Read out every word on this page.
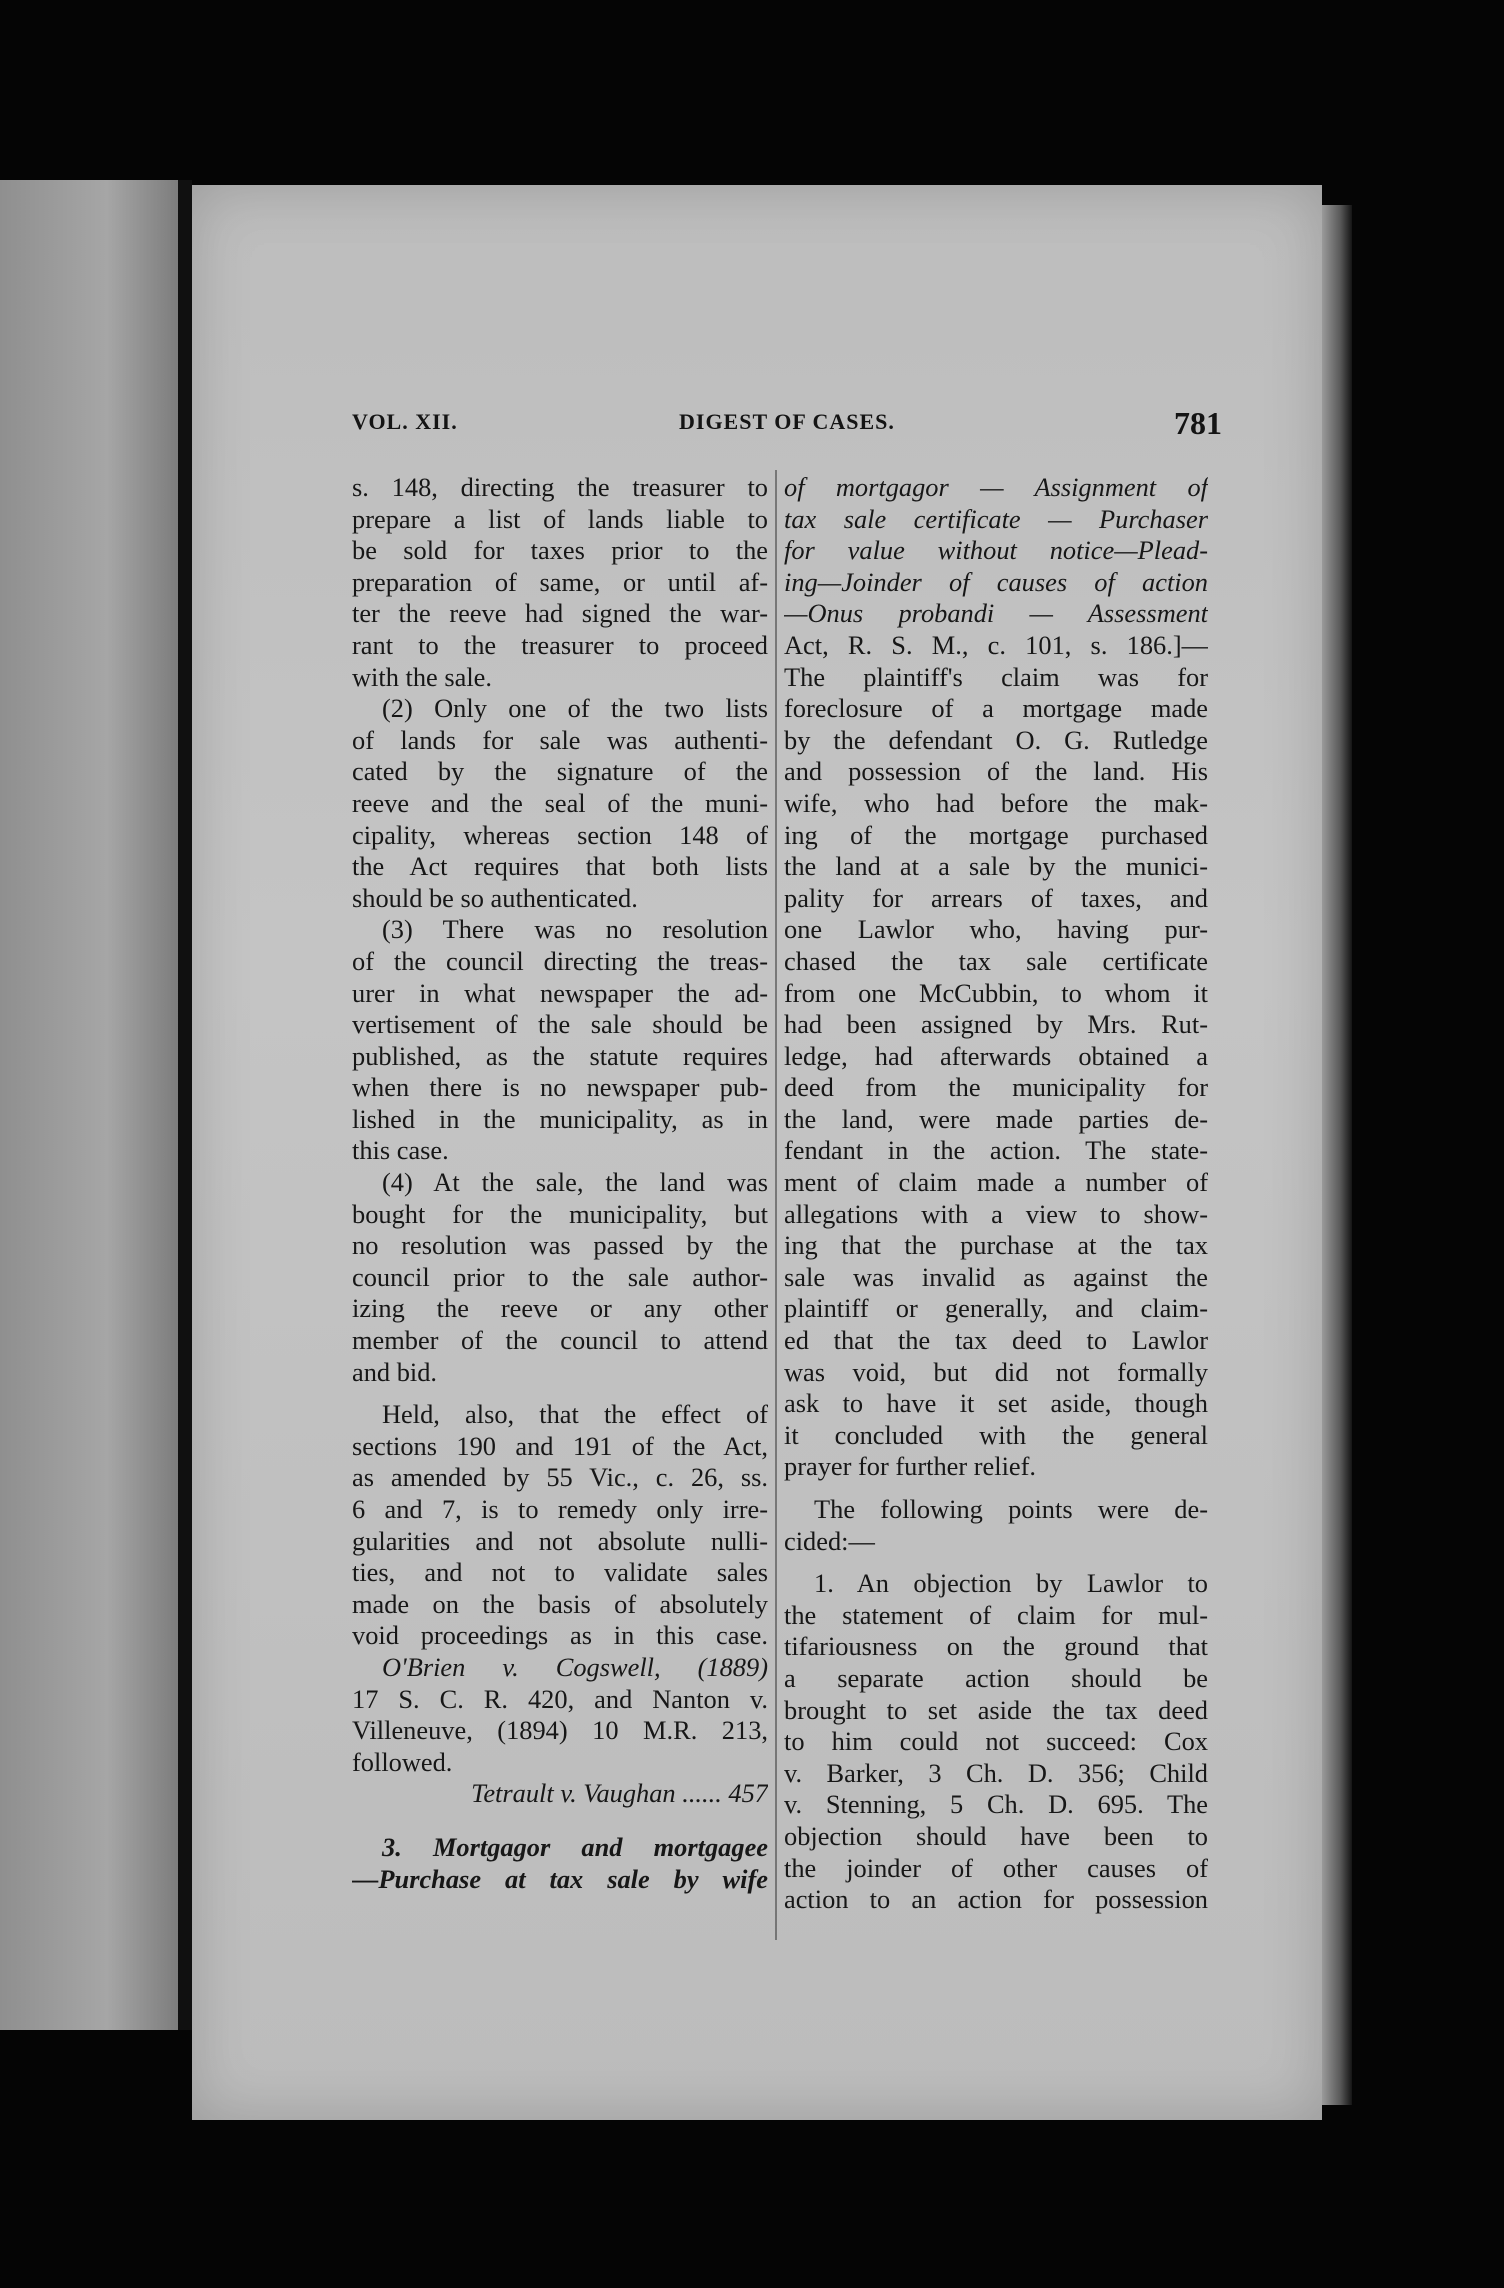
VOL. XII.	DIGEST OF CASES.	781
s. 148, directing the treasurer to
prepare a list of lands liable to
be sold for taxes prior to the
preparation of same, or until af-
ter the reeve had signed the war-
rant to the treasurer to proceed
with the sale.
(2) Only one of the two lists
of lands for sale was authenti-
cated by the signature of the
reeve and the seal of the muni-
cipality, whereas section 148 of
the Act requires that both lists
should be so authenticated.
(3) There was no resolution
of the council directing the treas-
urer in what newspaper the ad-
vertisement of the sale should be
published, as the statute requires
when there is no newspaper pub-
lished in the municipality, as in
this case.
(4) At the sale, the land was
bought for the municipality, but
no resolution was passed by the
council prior to the sale author-
izing the reeve or any other
member of the council to attend
and bid.
Held, also, that the effect of
sections 190 and 191 of the Act,
as amended by 55 Vic., c. 26, ss.
6 and 7, is to remedy only irre-
gularities and not absolute nulli-
ties, and not to validate sales
made on the basis of absolutely
void proceedings as in this case.
O'Brien v. Cogswell, (1889)
17 S. C. R. 420, and Nanton v.
Villeneuve, (1894) 10 M.R. 213,
followed.
Tetrault v. Vaughan ...... 457
3. Mortgagor and mortgagee
—Purchase at tax sale by wife
of mortgagor — Assignment of
tax sale certificate — Purchaser
for value without notice—Plead-
ing—Joinder of causes of action
—Onus probandi — Assessment
Act, R. S. M., c. 101, s. 186.]—
The plaintiff's claim was for
foreclosure of a mortgage made
by the defendant O. G. Rutledge
and possession of the land. His
wife, who had before the mak-
ing of the mortgage purchased
the land at a sale by the munici-
pality for arrears of taxes, and
one Lawlor who, having pur-
chased the tax sale certificate
from one McCubbin, to whom it
had been assigned by Mrs. Rut-
ledge, had afterwards obtained a
deed from the municipality for
the land, were made parties de-
fendant in the action. The state-
ment of claim made a number of
allegations with a view to show-
ing that the purchase at the tax
sale was invalid as against the
plaintiff or generally, and claim-
ed that the tax deed to Lawlor
was void, but did not formally
ask to have it set aside, though
it concluded with the general
prayer for further relief.
The following points were de-
cided:—
1. An objection by Lawlor to
the statement of claim for mul-
tifariousness on the ground that
a separate action should be
brought to set aside the tax deed
to him could not succeed: Cox
v. Barker, 3 Ch. D. 356; Child
v. Stenning, 5 Ch. D. 695. The
objection should have been to
the joinder of other causes of
action to an action for possession
